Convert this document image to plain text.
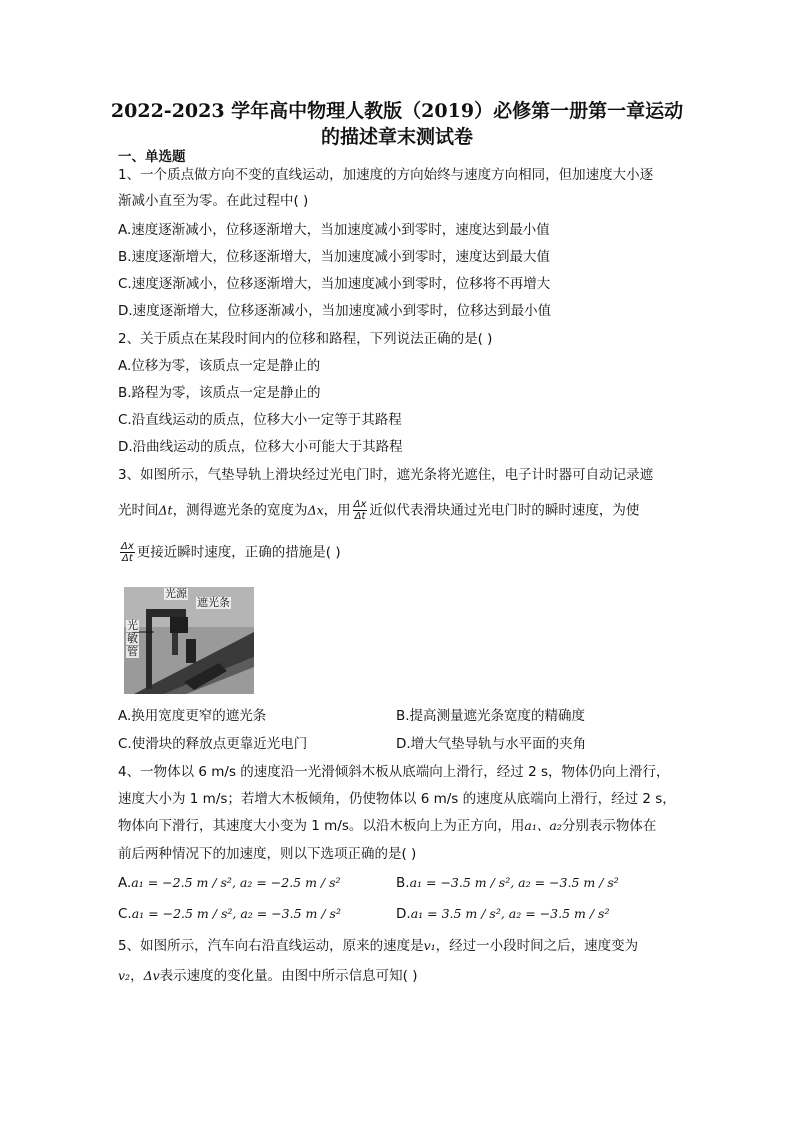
2022-2023 学年高中物理人教版（2019）必修第一册第一章运动
的描述章末测试卷
一、单选题
1、一个质点做方向不变的直线运动，加速度的方向始终与速度方向相同，但加速度大小逐
渐减小直至为零。在此过程中( )
A.速度逐渐减小，位移逐渐增大，当加速度减小到零时，速度达到最小值
B.速度逐渐增大，位移逐渐增大，当加速度减小到零时，速度达到最大值
C.速度逐渐减小，位移逐渐增大，当加速度减小到零时，位移将不再增大
D.速度逐渐增大，位移逐渐减小，当加速度减小到零时，位移达到最小值
2、关于质点在某段时间内的位移和路程，下列说法正确的是( )
A.位移为零，该质点一定是静止的
B.路程为零，该质点一定是静止的
C.沿直线运动的质点，位移大小一定等于其路程
D.沿曲线运动的质点，位移大小可能大于其路程
3、如图所示，气垫导轨上滑块经过光电门时，遮光条将光遮住，电子计时器可自动记录遮
光时间Δt，测得遮光条的宽度为Δx，用 $\frac{\Delta x}{\Delta t}$ 近似代表滑块通过光电门时的瞬时速度，为使
$\frac{\Delta x}{\Delta t}$ 更接近瞬时速度，正确的措施是( )
光源
遮光条
光
敏
管
A.换用宽度更窄的遮光条	B.提高测量遮光条宽度的精确度
C.使滑块的释放点更靠近光电门	D.增大气垫导轨与水平面的夹角
4、一物体以 6 m/s 的速度沿一光滑倾斜木板从底端向上滑行，经过 2 s，物体仍向上滑行，
速度大小为 1 m/s；若增大木板倾角，仍使物体以 6 m/s 的速度从底端向上滑行，经过 2 s，
物体向下滑行，其速度大小变为 1 m/s。以沿木板向上为正方向，用a₁、a₂分别表示物体在
前后两种情况下的加速度，则以下选项正确的是( )
A.a₁ = −2.5 m / s², a₂ = −2.5 m / s²	B.a₁ = −3.5 m / s², a₂ = −3.5 m / s²
C.a₁ = −2.5 m / s², a₂ = −3.5 m / s²	D.a₁ = 3.5 m / s², a₂ = −3.5 m / s²
5、如图所示，汽车向右沿直线运动，原来的速度是v₁，经过一小段时间之后，速度变为
v₂，Δv表示速度的变化量。由图中所示信息可知( )
